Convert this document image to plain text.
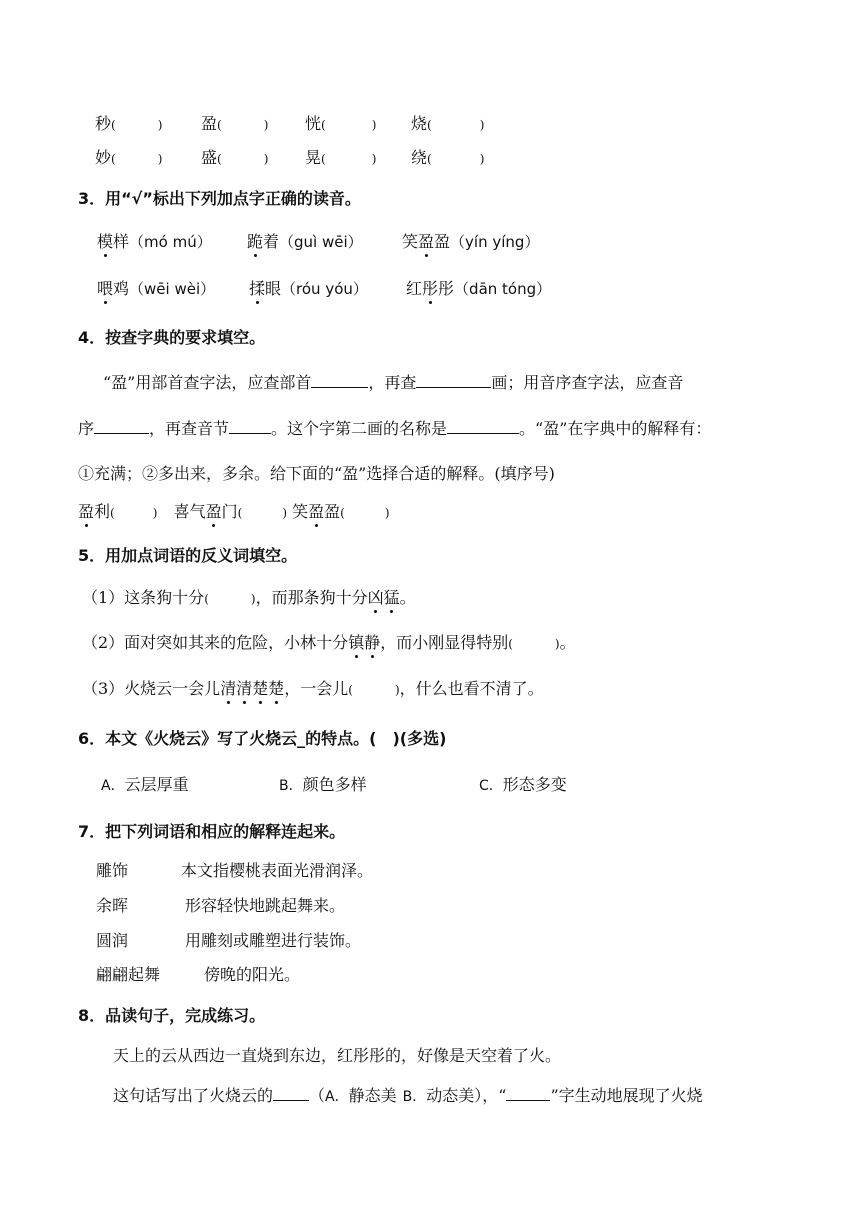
秒(	) 盈(	) 恍(	) 烧(	)
妙(	) 盛(	) 晃(	) 绕(	)
3．用“√”标出下列加点字正确的读音。
模样（mó mú） 跪着（guì wēi） 笑盈盈（yín yíng）
喂鸡（wēi wèi） 揉眼（róu yóu） 红彤彤（dān tóng）
4．按查字典的要求填空。
“盈”用部首查字法，应查部首	，再查	画；用音序查字法，应查音
序	，再查音节	。这个字第二画的名称是	。“盈”在字典中的解释有：
①充满；②多出来，多余。给下面的“盈”选择合适的解释。(填序号)
盈利(	) 喜气盈门(	) 笑盈盈(	)
5．用加点词语的反义词填空。
（1）这条狗十分(	)，而那条狗十分凶猛。
（2）面对突如其来的危险，小林十分镇静，而小刚显得特别(	)。
（3）火烧云一会儿清清楚楚，一会儿(	)，什么也看不清了。
6．本文《火烧云》写了火烧云_的特点。(　)(多选)
A．云层厚重	B．颜色多样	C．形态多变
7．把下列词语和相应的解释连起来。
雕饰	本文指樱桃表面光滑润泽。
余晖	形容轻快地跳起舞来。
圆润	用雕刻或雕塑进行装饰。
翩翩起舞	傍晚的阳光。
8．品读句子，完成练习。
天上的云从西边一直烧到东边，红彤彤的，好像是天空着了火。
这句话写出了火烧云的 （A．静态美 B．动态美），“	”字生动地展现了火烧
